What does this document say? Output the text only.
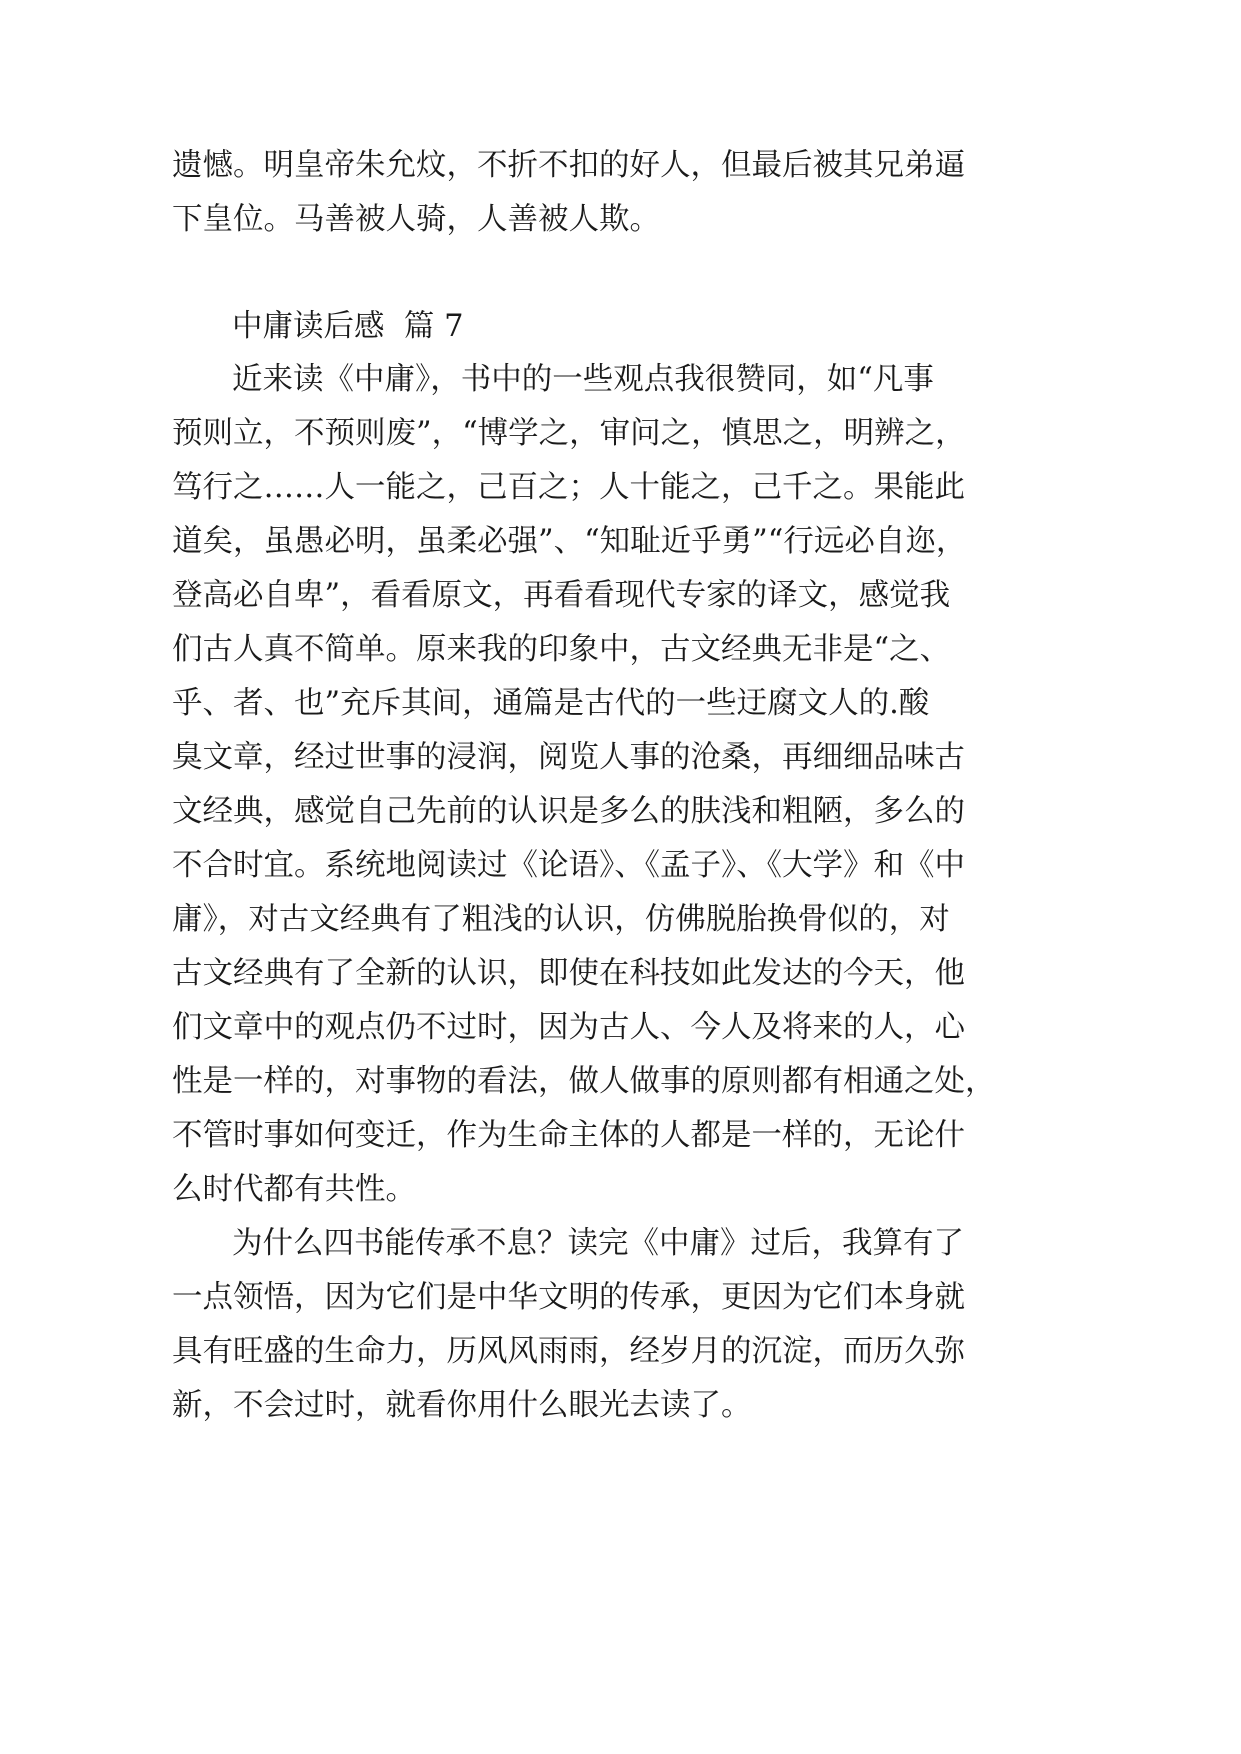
遗憾。明皇帝朱允炆，不折不扣的好人，但最后被其兄弟逼
下皇位。马善被人骑，人善被人欺。
中庸读后感  篇 7
近来读《中庸》，书中的一些观点我很赞同，如“凡事
预则立，不预则废”，“博学之，审问之，慎思之，明辨之，
笃行之……人一能之，己百之；人十能之，己千之。果能此
道矣，虽愚必明，虽柔必强”、“知耻近乎勇”“行远必自迩，
登高必自卑”，看看原文，再看看现代专家的译文，感觉我
们古人真不简单。原来我的印象中，古文经典无非是“之、
乎、者、也”充斥其间，通篇是古代的一些迂腐文人的.酸
臭文章，经过世事的浸润，阅览人事的沧桑，再细细品味古
文经典，感觉自己先前的认识是多么的肤浅和粗陋，多么的
不合时宜。系统地阅读过《论语》、《孟子》、《大学》和《中
庸》，对古文经典有了粗浅的认识，仿佛脱胎换骨似的，对
古文经典有了全新的认识，即使在科技如此发达的今天，他
们文章中的观点仍不过时，因为古人、今人及将来的人，心
性是一样的，对事物的看法，做人做事的原则都有相通之处，
不管时事如何变迁，作为生命主体的人都是一样的，无论什
么时代都有共性。
为什么四书能传承不息？读完《中庸》过后，我算有了
一点领悟，因为它们是中华文明的传承，更因为它们本身就
具有旺盛的生命力，历风风雨雨，经岁月的沉淀，而历久弥
新，不会过时，就看你用什么眼光去读了。
